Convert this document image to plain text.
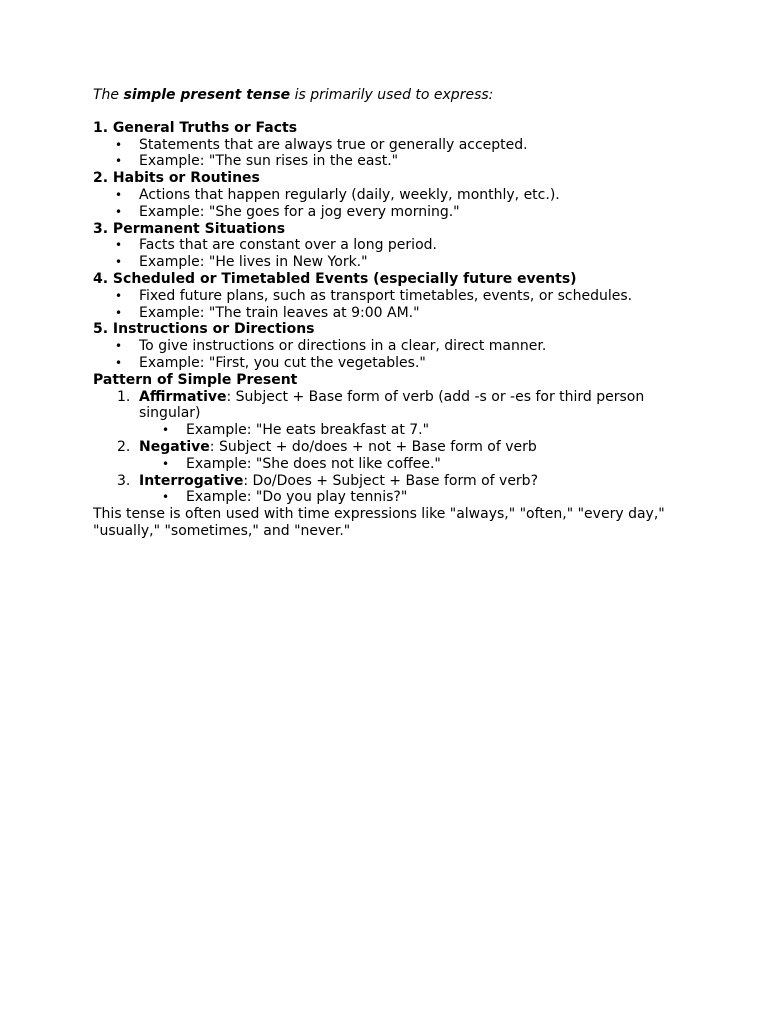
The simple present tense is primarily used to express:
1. General Truths or Facts
• Statements that are always true or generally accepted.
• Example: "The sun rises in the east."
2. Habits or Routines
• Actions that happen regularly (daily, weekly, monthly, etc.).
• Example: "She goes for a jog every morning."
3. Permanent Situations
• Facts that are constant over a long period.
• Example: "He lives in New York."
4. Scheduled or Timetabled Events (especially future events)
• Fixed future plans, such as transport timetables, events, or schedules.
• Example: "The train leaves at 9:00 AM."
5. Instructions or Directions
• To give instructions or directions in a clear, direct manner.
• Example: "First, you cut the vegetables."
Pattern of Simple Present
1. Affirmative: Subject + Base form of verb (add -s or -es for third person singular)
• Example: "He eats breakfast at 7."
2. Negative: Subject + do/does + not + Base form of verb
• Example: "She does not like coffee."
3. Interrogative: Do/Does + Subject + Base form of verb?
• Example: "Do you play tennis?"
This tense is often used with time expressions like "always," "often," "every day," "usually," "sometimes," and "never."
